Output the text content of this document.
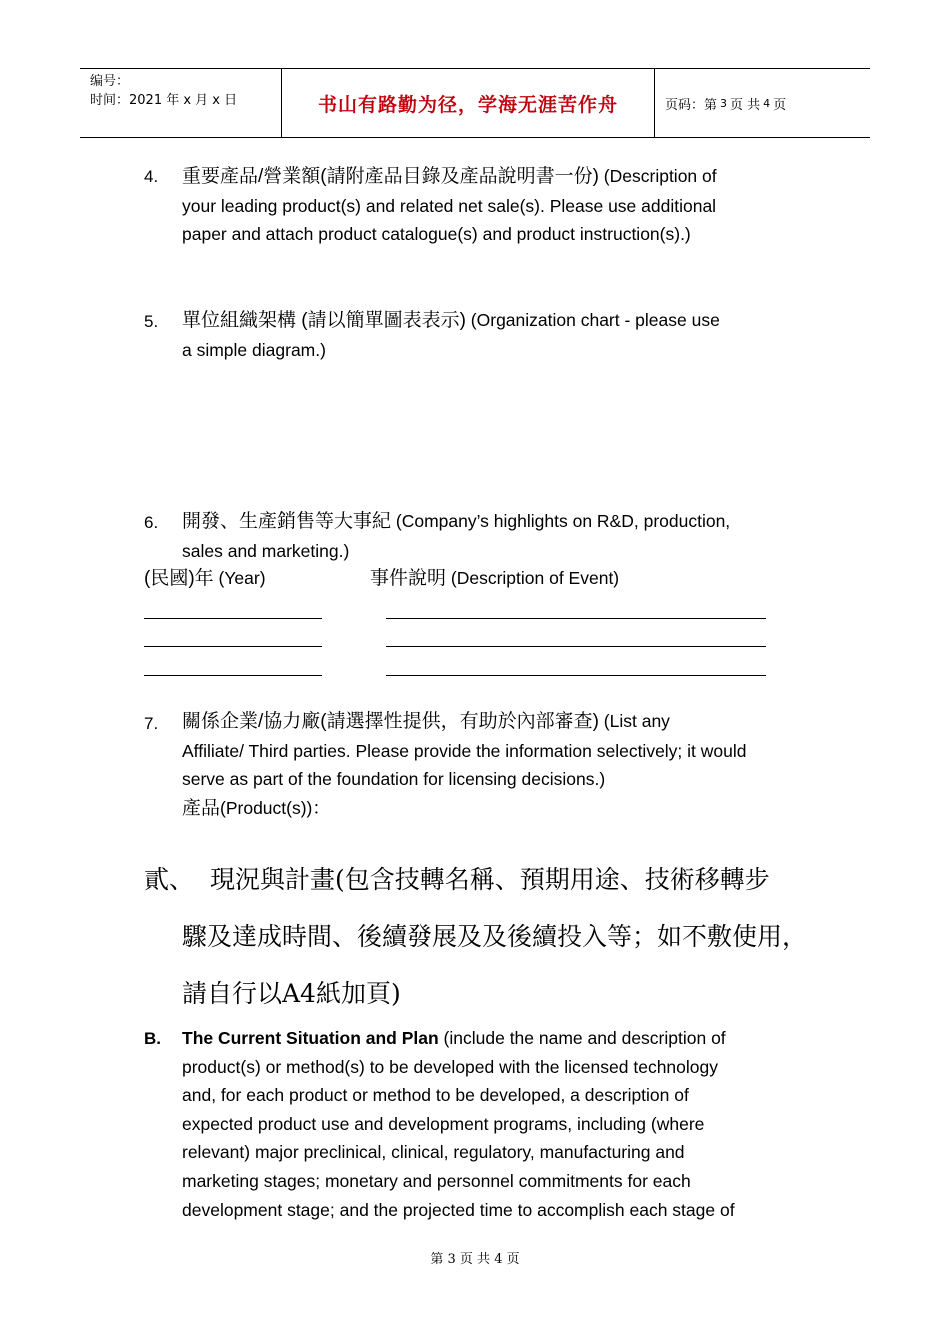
编号：
时间：2021 年 x 月 x 日	书山有路勤为径，学海无涯苦作舟	页码：第 3 页 共 4 页
4. 重要產品/營業額(請附產品目錄及產品說明書一份) (Description of
your leading product(s) and related net sale(s). Please use additional
paper and attach product catalogue(s) and product instruction(s).)
5. 單位組織架構 (請以簡單圖表表示) (Organization chart - please use
a simple diagram.)
6. 開發、生產銷售等大事紀 (Company’s highlights on R&D, production,
sales and marketing.)
(民國)年 (Year)	事件說明 (Description of Event)
7. 關係企業/協力廠(請選擇性提供，有助於內部審查) (List any
Affiliate/ Third parties. Please provide the information selectively; it would
serve as part of the foundation for licensing decisions.)
產品(Product(s))：
貳、 現況與計畫(包含技轉名稱、預期用途、技術移轉步
驟及達成時間、後續發展及及後續投入等；如不敷使用，
請自行以A4紙加頁)
B. The Current Situation and Plan (include the name and description of
product(s) or method(s) to be developed with the licensed technology
and, for each product or method to be developed, a description of
expected product use and development programs, including (where
relevant) major preclinical, clinical, regulatory, manufacturing and
marketing stages; monetary and personnel commitments for each
development stage; and the projected time to accomplish each stage of
第 3 页 共 4 页
